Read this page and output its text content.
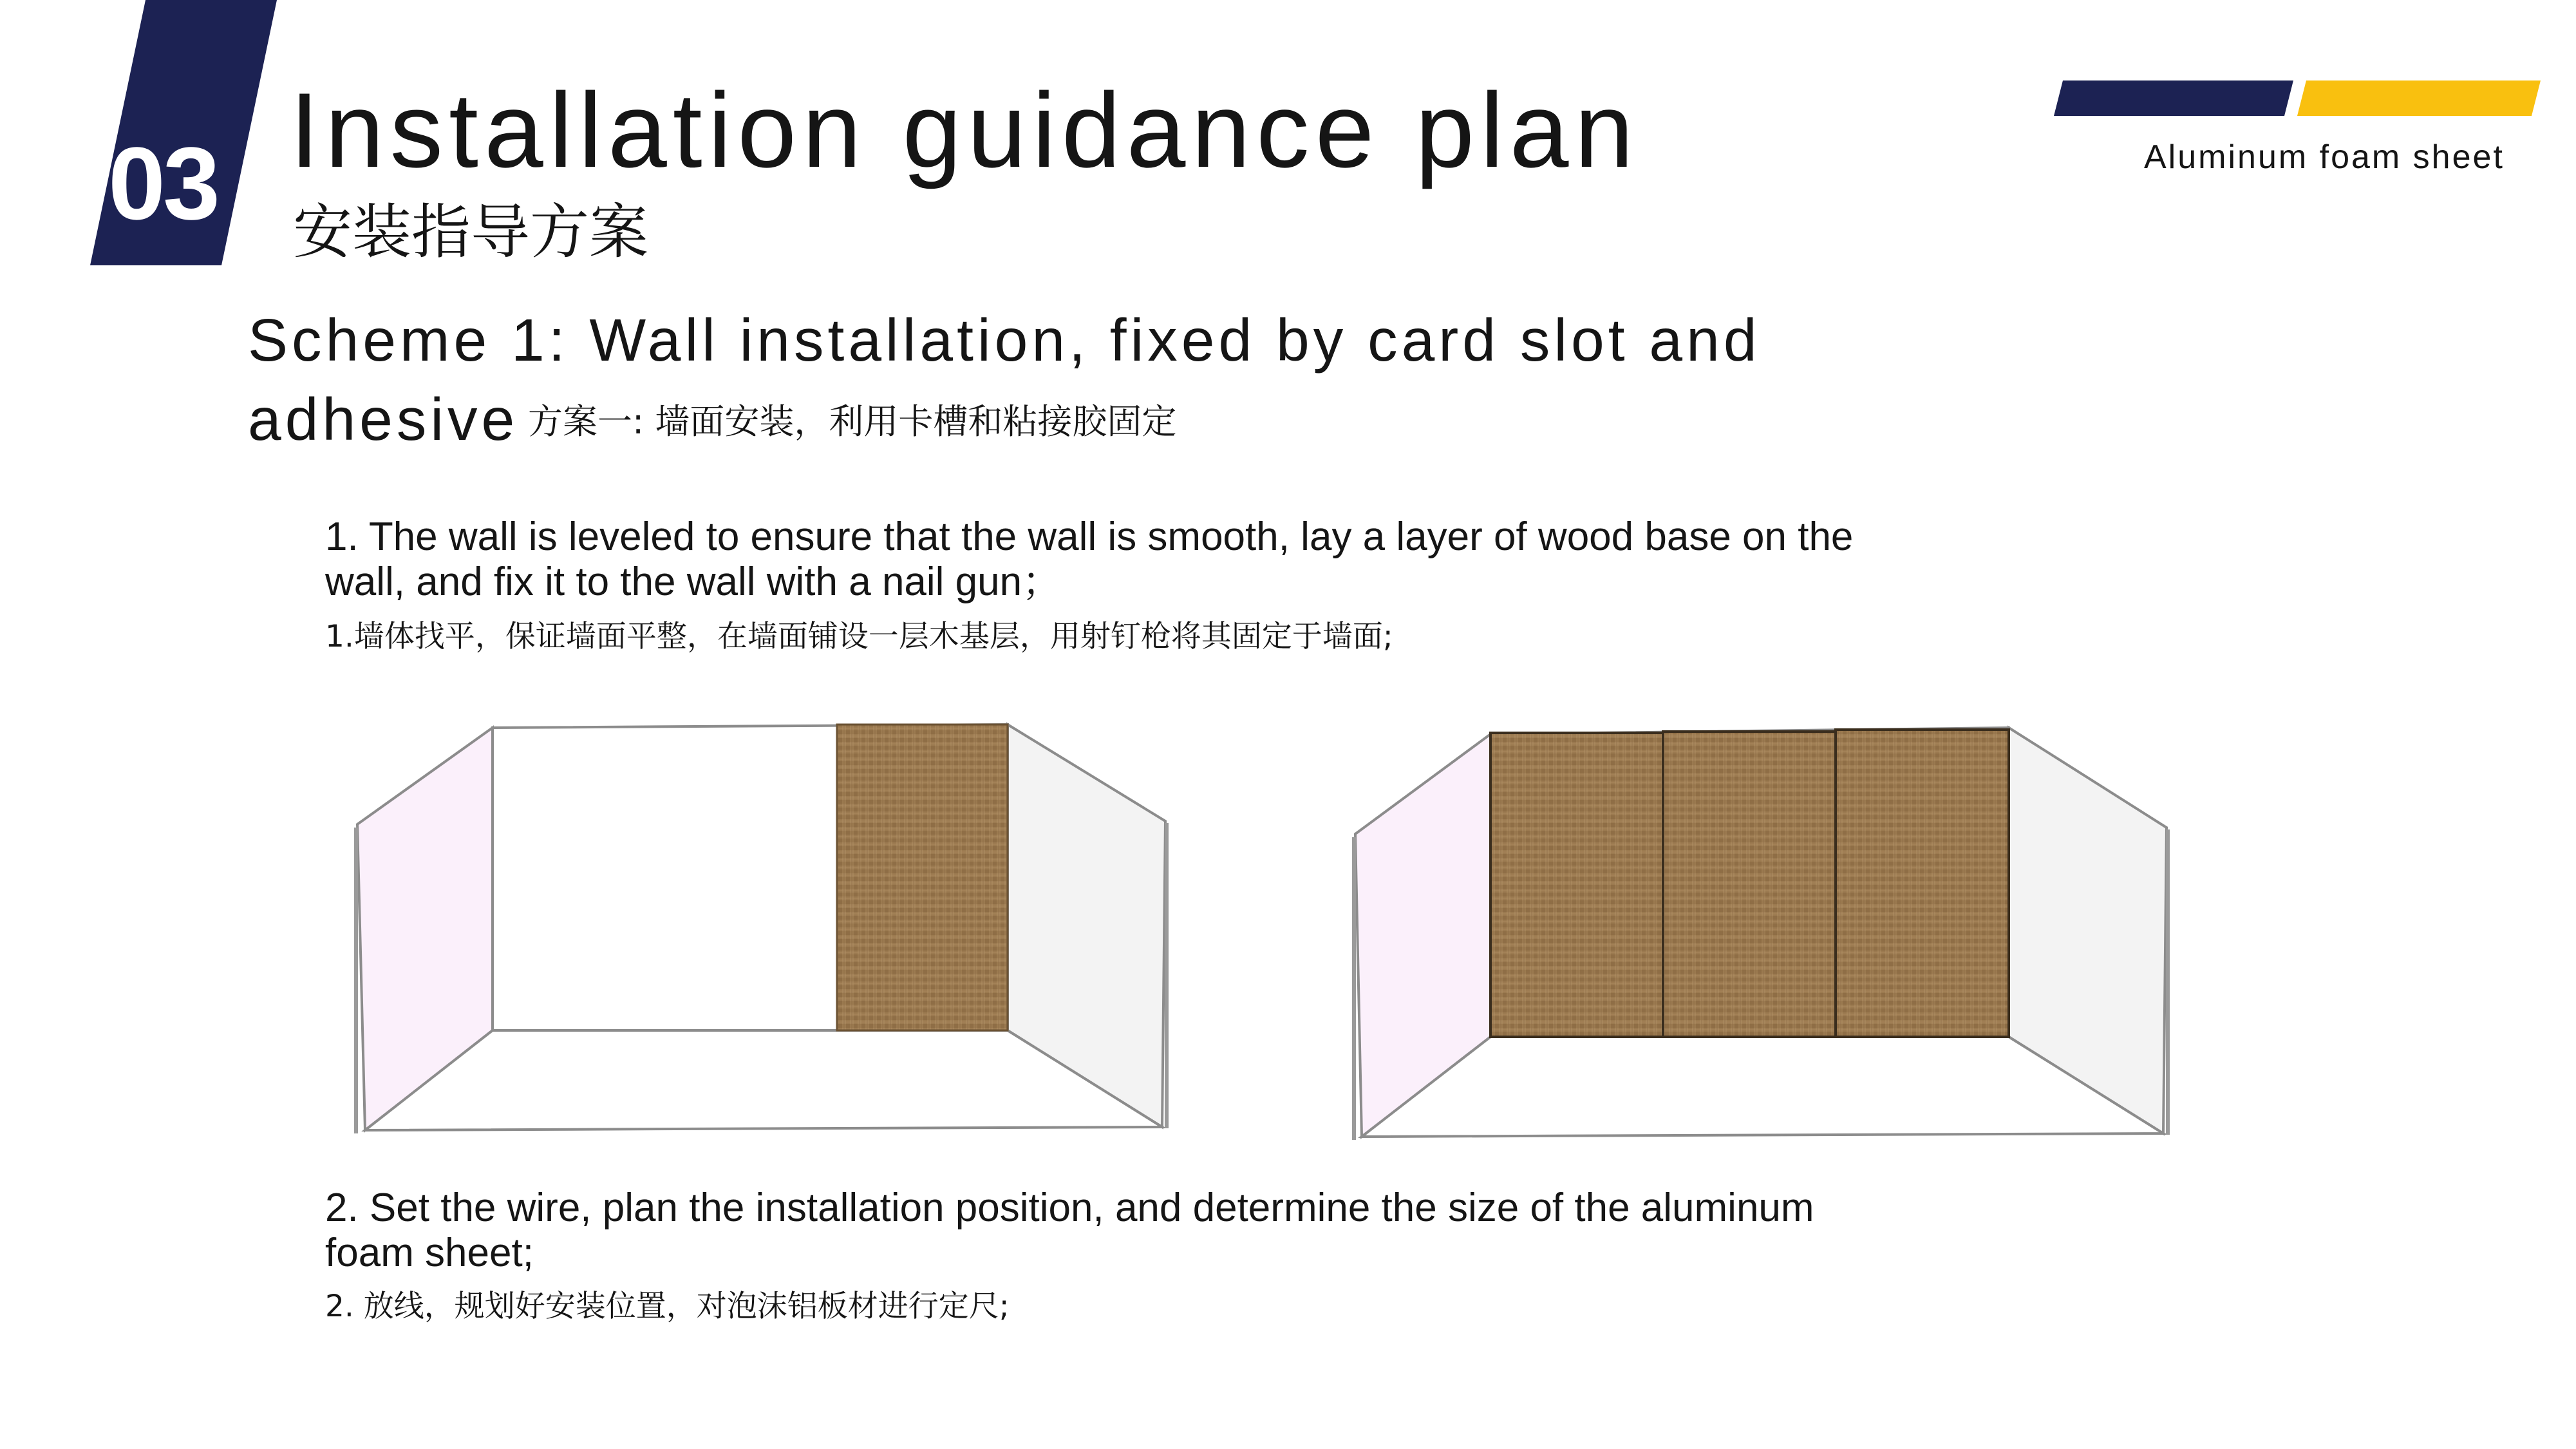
03 Installation guidance plan
安装指导方案
Aluminum foam sheet
Scheme 1: Wall installation, fixed by card slot and
adhesive 方案一: 墙面安装，利用卡槽和粘接胶固定
1. The wall is leveled to ensure that the wall is smooth, lay a layer of wood base on the
wall, and fix it to the wall with a nail gun；
1.墙体找平，保证墙面平整，在墙面铺设一层木基层，用射钉枪将其固定于墙面;
2. Set the wire, plan the installation position, and determine the size of the aluminum
foam sheet;
2. 放线，规划好安装位置，对泡沫铝板材进行定尺;
